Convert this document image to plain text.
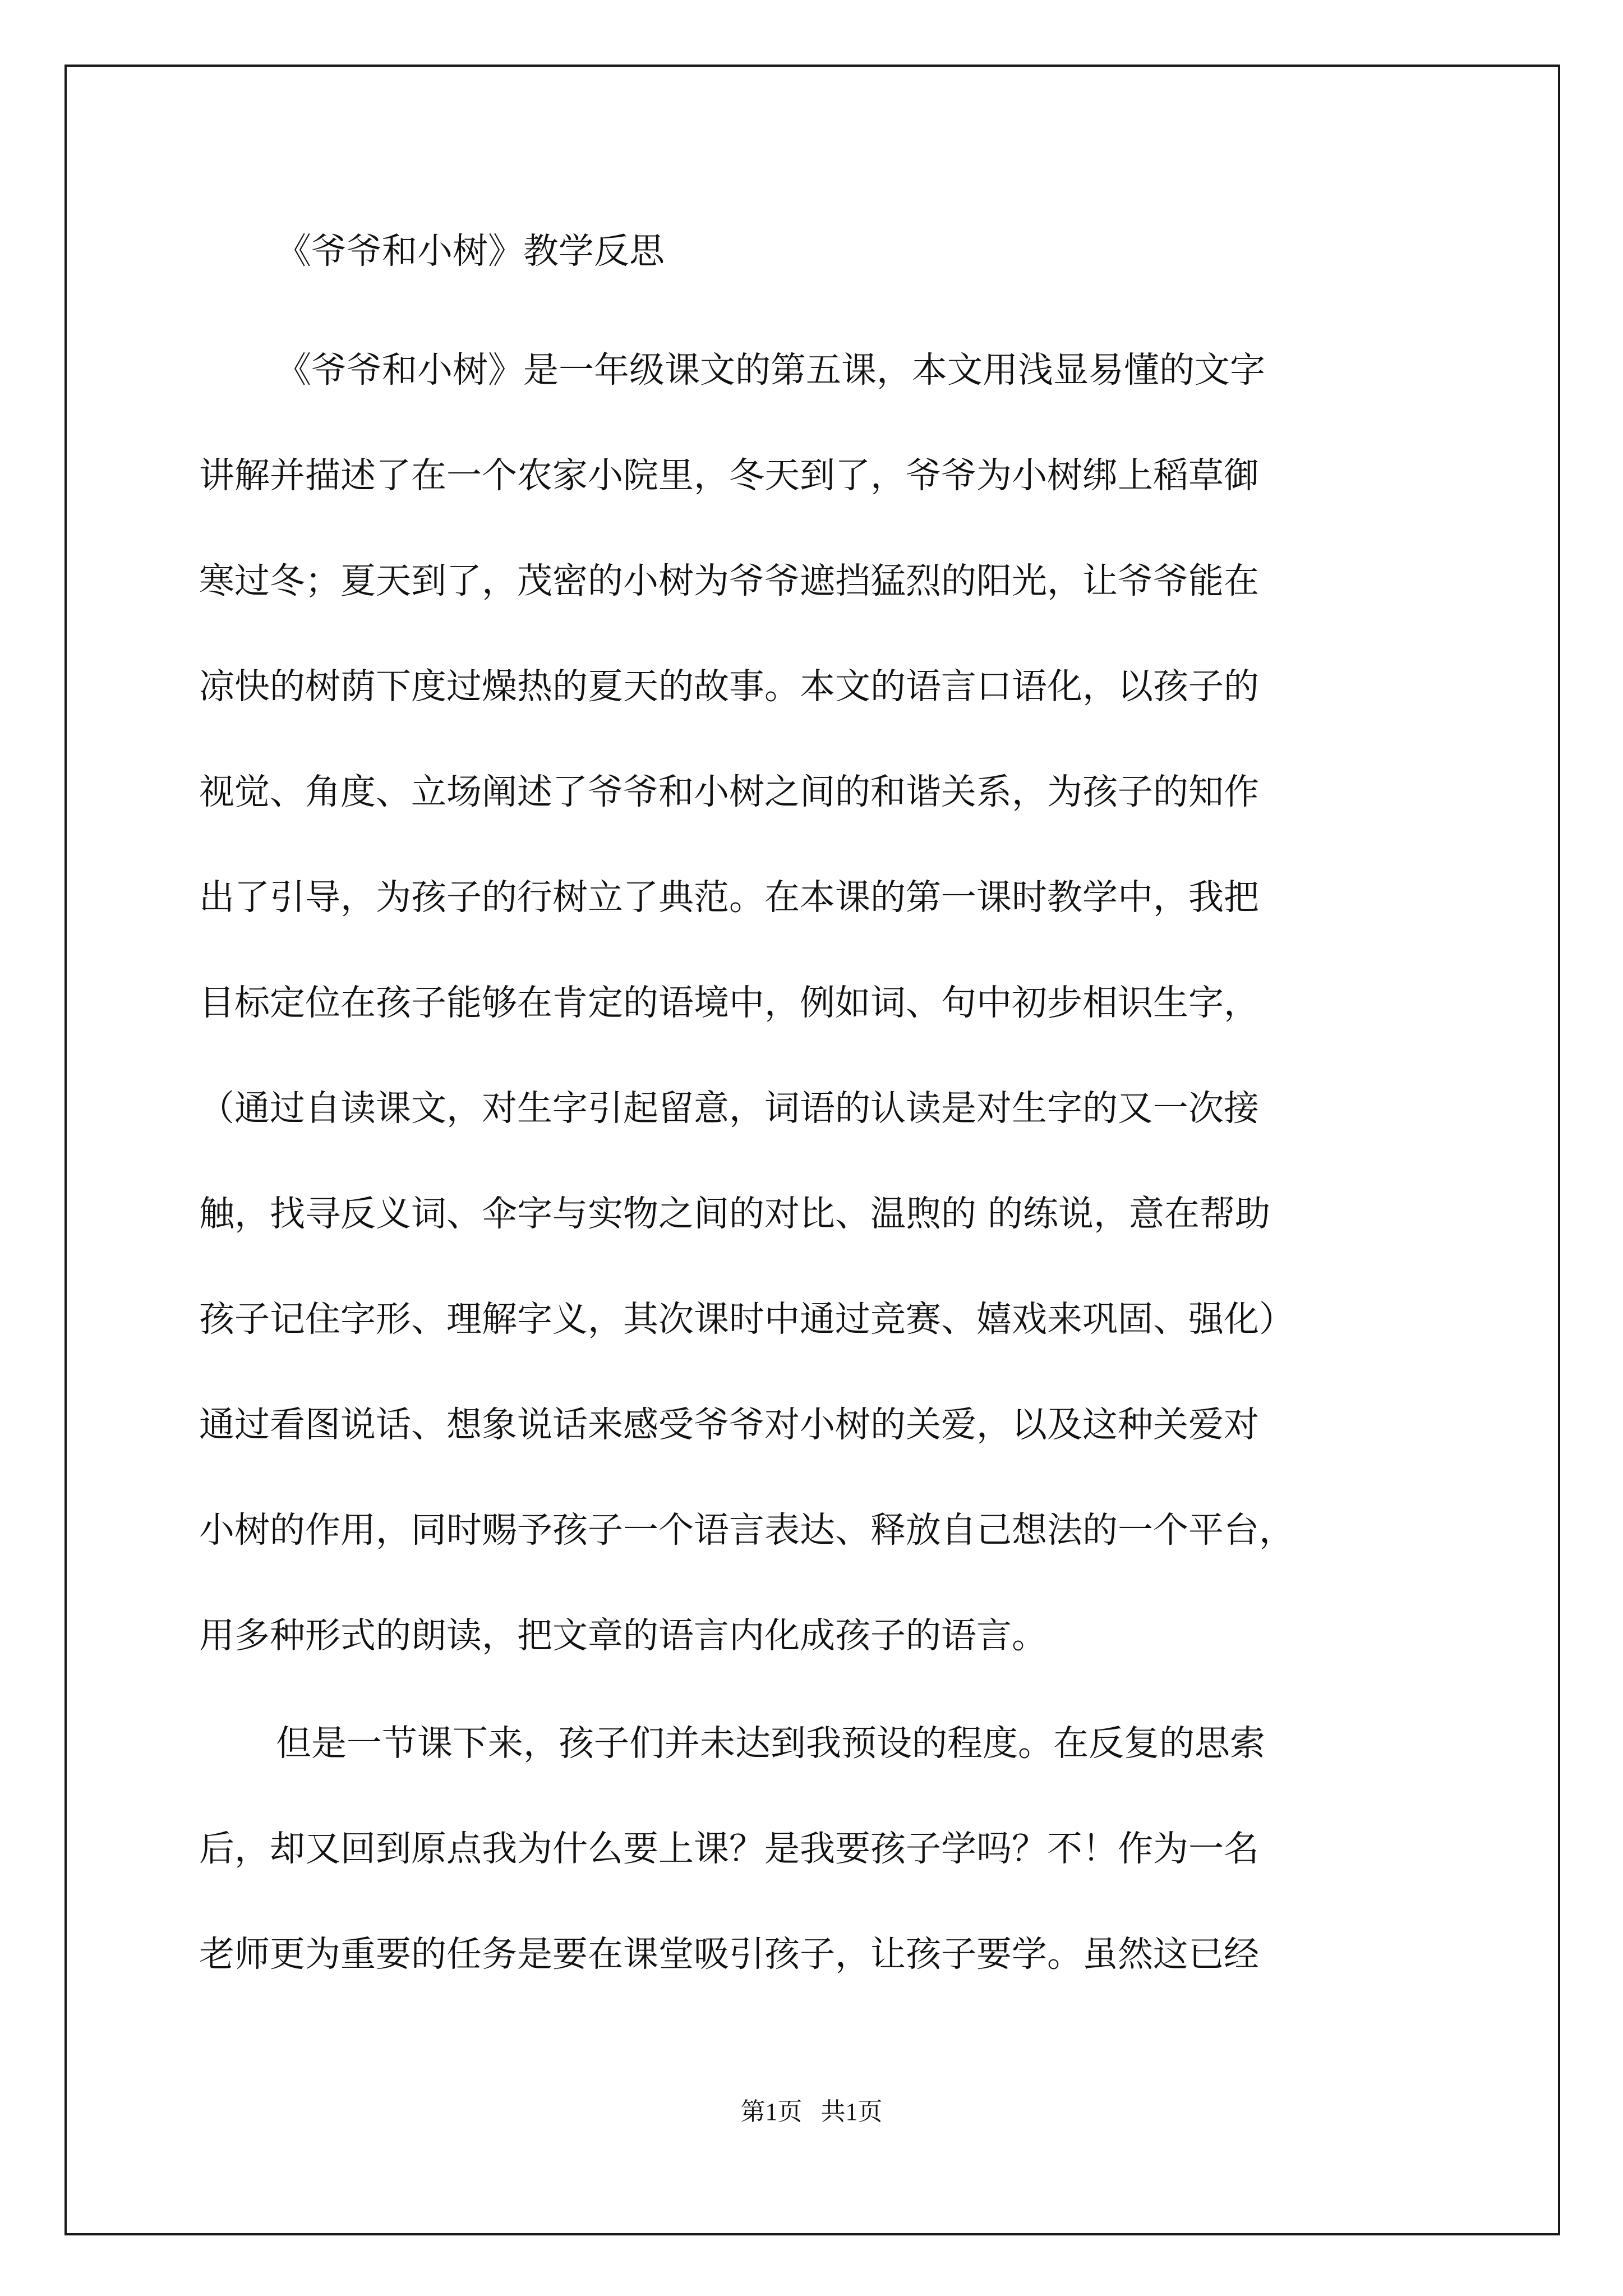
《爷爷和小树》教学反思

《爷爷和小树》是一年级课文的第五课，本文用浅显易懂的文字
讲解并描述了在一个农家小院里，冬天到了，爷爷为小树绑上稻草御
寒过冬；夏天到了，茂密的小树为爷爷遮挡猛烈的阳光，让爷爷能在
凉快的树荫下度过燥热的夏天的故事。本文的语言口语化，以孩子的
视觉、角度、立场阐述了爷爷和小树之间的和谐关系，为孩子的知作
出了引导，为孩子的行树立了典范。在本课的第一课时教学中，我把
目标定位在孩子能够在肯定的语境中，例如词、句中初步相识生字，
（通过自读课文，对生字引起留意，词语的认读是对生字的又一次接
触，找寻反义词、伞字与实物之间的对比、温煦的 的练说，意在帮助
孩子记住字形、理解字义，其次课时中通过竞赛、嬉戏来巩固、强化）
通过看图说话、想象说话来感受爷爷对小树的关爱，以及这种关爱对
小树的作用，同时赐予孩子一个语言表达、释放自己想法的一个平台，
用多种形式的朗读，把文章的语言内化成孩子的语言。

但是一节课下来，孩子们并未达到我预设的程度。在反复的思索
后，却又回到原点我为什么要上课？是我要孩子学吗？不！作为一名
老师更为重要的任务是要在课堂吸引孩子，让孩子要学。虽然这已经

第1页   共1页
